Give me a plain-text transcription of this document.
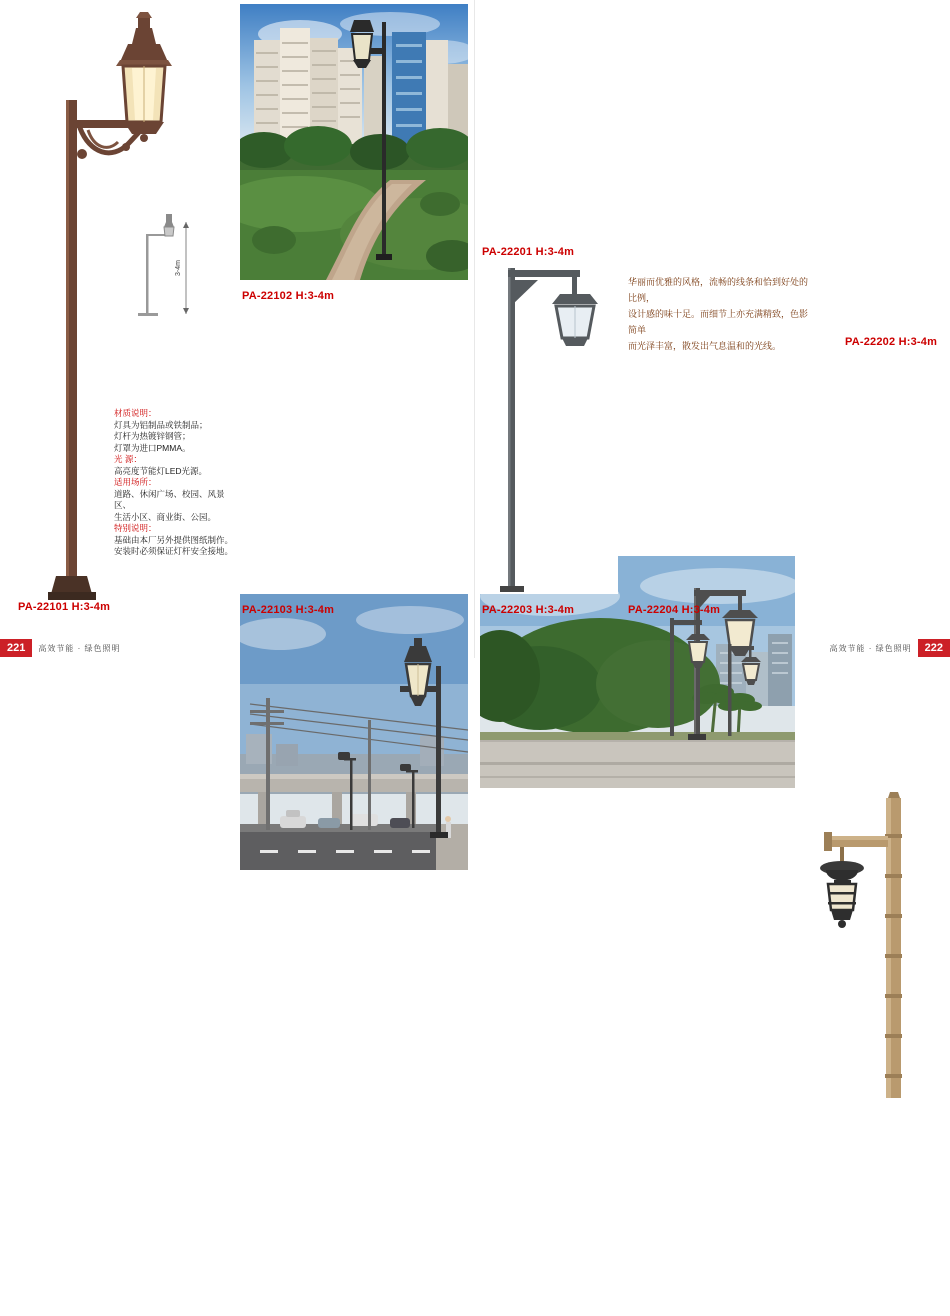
3-4m
材质说明：
灯具为铝制品或铁制品；
灯杆为热镀锌钢管；
灯罩为进口PMMA。
光 源：
高亮度节能灯LED光源。
适用场所：
道路、休闲广场、校园、风景区、
生活小区、商业街、公园。
特别说明：
基础由本厂另外提供图纸制作。
安装时必须保证灯杆安全接地。
PA-22101 H:3-4m
PA-22102 H:3-4m
PA-22103 H:3-4m
PA-22201 H:3-4m
PA-22202 H:3-4m
华丽而优雅的风格，流畅的线条和恰到好处的比例，
设计感的味十足。而细节上亦充满精致，色影简单
而光泽丰富，散发出气息温和的光线。
PA-22203 H:3-4m	PA-22204 H:3-4m
221	高效节能 · 绿色照明	高效节能 · 绿色照明	222
